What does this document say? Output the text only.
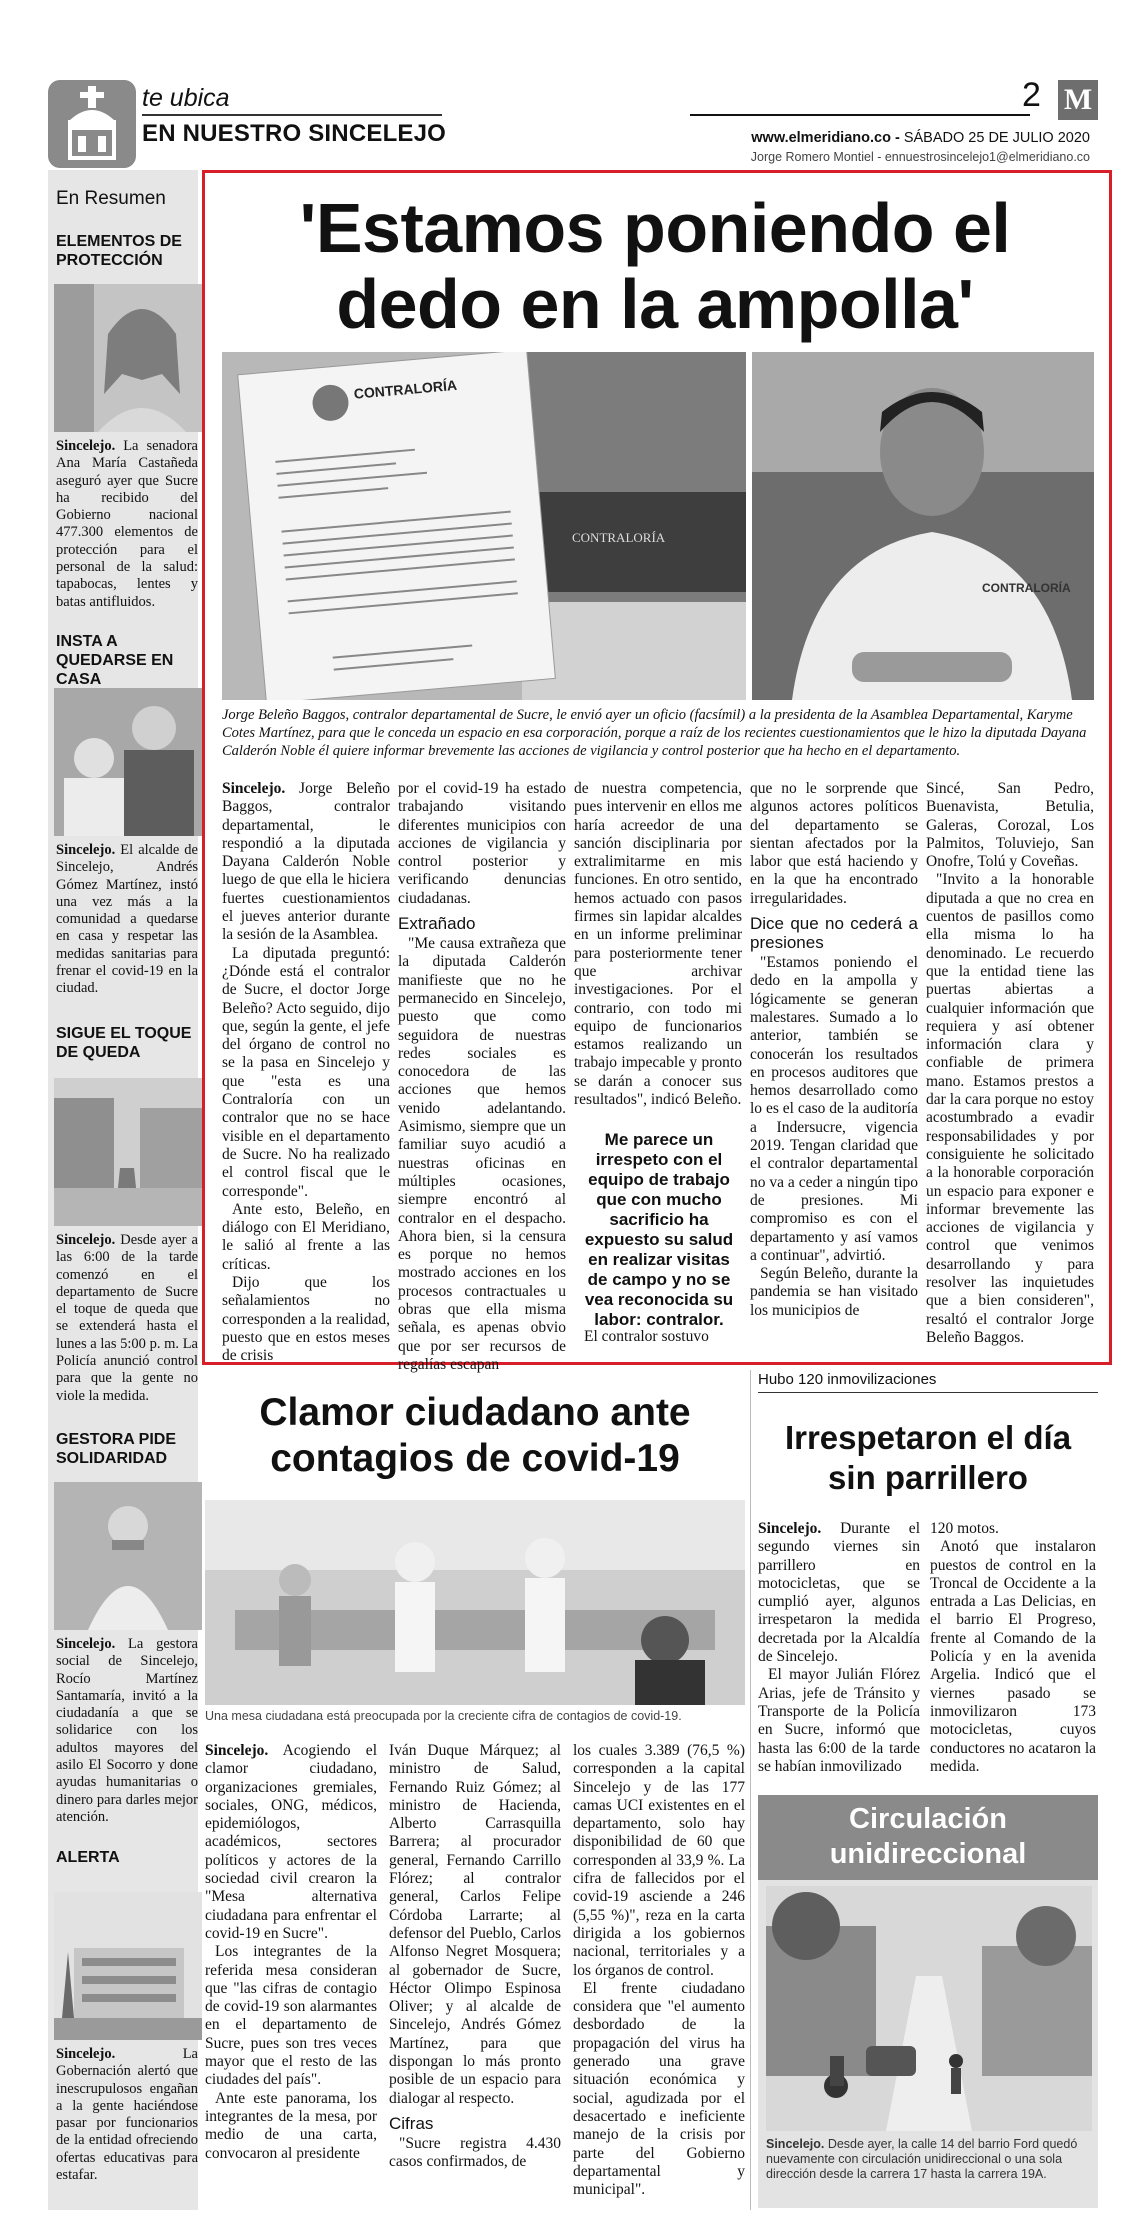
te ubica
EN NUESTRO SINCELEJO
2 M
www.elmeridiano.co - SÁBADO 25 DE JULIO 2020
Jorge Romero Montiel - ennuestrosincelejo1@elmeridiano.co
En Resumen
ELEMENTOS DE PROTECCIÓN
Sincelejo. La senadora Ana María Castañeda aseguró ayer que Sucre ha recibido del Gobierno nacional 477.300 elementos de protección para el personal de la salud: tapabocas, lentes y batas antifluidos.
INSTA A QUEDARSE EN CASA
Sincelejo. El alcalde de Sincelejo, Andrés Gómez Martínez, instó una vez más a la comunidad a quedarse en casa y respetar las medidas sanitarias para frenar el covid-19 en la ciudad.
SIGUE EL TOQUE DE QUEDA
Sincelejo. Desde ayer a las 6:00 de la tarde comenzó en el departamento de Sucre el toque de queda que se extenderá hasta el lunes a las 5:00 p. m. La Policía anunció control para que la gente no viole la medida.
GESTORA PIDE SOLIDARIDAD
Sincelejo. La gestora social de Sincelejo, Rocío Martínez Santamaría, invitó a la ciudadanía a que se solidarice con los adultos mayores del asilo El Socorro y done ayudas humanitarias o dinero para darles mejor atención.
ALERTA
Sincelejo. La Gobernación alertó que inescrupulosos engañan a la gente haciéndose pasar por funcionarios de la entidad ofreciendo ofertas educativas para estafar.
'Estamos poniendo el dedo en la ampolla'
CONTRALORÍA
CONTRALORÍA
CONTRALORÍA
Jorge Beleño Baggos, contralor departamental de Sucre, le envió ayer un oficio (facsímil) a la presidenta de la Asamblea Departamental, Karyme Cotes Martínez, para que le conceda un espacio en esa corporación, porque a raíz de los recientes cuestionamientos que le hizo la diputada Dayana Calderón Noble él quiere informar brevemente las acciones de vigilancia y control posterior que ha hecho en el departamento.

Sincelejo. Jorge Beleño Baggos, contralor departamental, le respondió a la diputada Dayana Calderón Noble luego de que ella le hiciera fuertes cuestionamientos el jueves anterior durante la sesión de la Asamblea.

La diputada preguntó: ¿Dónde está el contralor de Sucre, el doctor Jorge Beleño? Acto seguido, dijo que, según la gente, el jefe del órgano de control no se la pasa en Sincelejo y que "esta es una Contraloría con un contralor que no se hace visible en el departamento de Sucre. No ha realizado el control fiscal que le corresponde".

Ante esto, Beleño, en diálogo con El Meridiano, le salió al frente a las críticas.

Dijo que los señalamientos no corresponden a la realidad, puesto que en estos meses de crisis

por el covid-19 ha estado trabajando visitando diferentes municipios con acciones de vigilancia y control posterior y verificando denuncias ciudadanas.

Extrañado

"Me causa extrañeza que la diputada Calderón manifieste que no he permanecido en Sincelejo, puesto que como seguidora de nuestras redes sociales es conocedora de las acciones que hemos venido adelantando. Asimismo, siempre que un familiar suyo acudió a nuestras oficinas en múltiples ocasiones, siempre encontró al contralor en el despacho. Ahora bien, si la censura es porque no hemos mostrado acciones en los procesos contractuales u obras que ella misma señala, es apenas obvio que por ser recursos de regalías escapan

de nuestra competencia, pues intervenir en ellos me haría acreedor de una sanción disciplinaria por extralimitarme en mis funciones. En otro sentido, hemos actuado con pasos firmes sin lapidar alcaldes en un informe preliminar para posteriormente tener que archivar investigaciones. Por el contrario, con todo mi equipo de funcionarios estamos realizando un trabajo impecable y pronto se darán a conocer sus resultados", indicó Beleño.

Me parece un irrespeto con el equipo de trabajo que con mucho sacrificio ha expuesto su salud en realizar visitas de campo y no se vea reconocida su labor: contralor.

El contralor sostuvo

que no le sorprende que algunos actores políticos del departamento se sientan afectados por la labor que está haciendo y en la que ha encontrado irregularidades.

Dice que no cederá a presiones

"Estamos poniendo el dedo en la ampolla y lógicamente se generan malestares. Sumado a lo anterior, también se conocerán los resultados en procesos auditores que hemos desarrollado como lo es el caso de la auditoría a Indersucre, vigencia 2019. Tengan claridad que el contralor departamental no va a ceder a ningún tipo de presiones. Mi compromiso es con el departamento y así vamos a continuar", advirtió.

Según Beleño, durante la pandemia se han visitado los municipios de

Sincé, San Pedro, Buenavista, Betulia, Galeras, Corozal, Los Palmitos, Toluviejo, San Onofre, Tolú y Coveñas.

"Invito a la honorable diputada a que no crea en cuentos de pasillos como ella misma lo ha denominado. Le recuerdo que la entidad tiene las puertas abiertas a cualquier información que requiera y así obtener información clara y confiable de primera mano. Estamos prestos a dar la cara porque no estoy acostumbrado a evadir responsabilidades y por consiguiente he solicitado a la honorable corporación un espacio para exponer e informar brevemente las acciones de vigilancia y control que venimos desarrollando y para resolver las inquietudes que a bien consideren", resaltó el contralor Jorge Beleño Baggos.

Clamor ciudadano ante contagios de covid-19
Una mesa ciudadana está preocupada por la creciente cifra de contagios de covid-19.

Sincelejo. Acogiendo el clamor ciudadano, organizaciones gremiales, sociales, ONG, médicos, epidemiólogos, académicos, sectores políticos y actores de la sociedad civil crearon la "Mesa alternativa ciudadana para enfrentar el covid-19 en Sucre".

Los integrantes de la referida mesa consideran que "las cifras de contagio de covid-19 son alarmantes en el departamento de Sucre, pues son tres veces mayor que el resto de las ciudades del país".

Ante este panorama, los integrantes de la mesa, por medio de una carta, convocaron al presidente

Iván Duque Márquez; al ministro de Salud, Fernando Ruiz Gómez; al ministro de Hacienda, Alberto Carrasquilla Barrera; al procurador general, Fernando Carrillo Flórez; al contralor general, Carlos Felipe Córdoba Larrarte; al defensor del Pueblo, Carlos Alfonso Negret Mosquera; al gobernador de Sucre, Héctor Olimpo Espinosa Oliver; y al alcalde de Sincelejo, Andrés Gómez Martínez, para que dispongan lo más pronto posible de un espacio para dialogar al respecto.

Cifras

"Sucre registra 4.430 casos confirmados, de

los cuales 3.389 (76,5 %) corresponden a la capital Sincelejo y de las 177 camas UCI existentes en el departamento, solo hay disponibilidad de 60 que corresponden al 33,9 %. La cifra de fallecidos por el covid-19 asciende a 246 (5,55 %)", reza en la carta dirigida a los gobiernos nacional, territoriales y a los órganos de control.

El frente ciudadano considera que "el aumento desbordado de la propagación del virus ha generado una grave situación económica y social, agudizada por el desacertado e ineficiente manejo de la crisis por parte del Gobierno departamental y municipal".

Hubo 120 inmovilizaciones
Irrespetaron el día sin parrillero

Sincelejo. Durante el segundo viernes sin parrillero en motocicletas, que se cumplió ayer, algunos irrespetaron la medida decretada por la Alcaldía de Sincelejo.

El mayor Julián Flórez Arias, jefe de Tránsito y Transporte de la Policía en Sucre, informó que hasta las 6:00 de la tarde se habían inmovilizado

120 motos.

Anotó que instalaron puestos de control en la Troncal de Occidente a la entrada a Las Delicias, en el barrio El Progreso, frente al Comando de la Policía y en la avenida Argelia. Indicó que el viernes pasado se inmovilizaron 173 motocicletas, cuyos conductores no acataron la medida.

Circulación unidireccional
Sincelejo. Desde ayer, la calle 14 del barrio Ford quedó nuevamente con circulación unidireccional o una sola dirección desde la carrera 17 hasta la carrera 19A.
